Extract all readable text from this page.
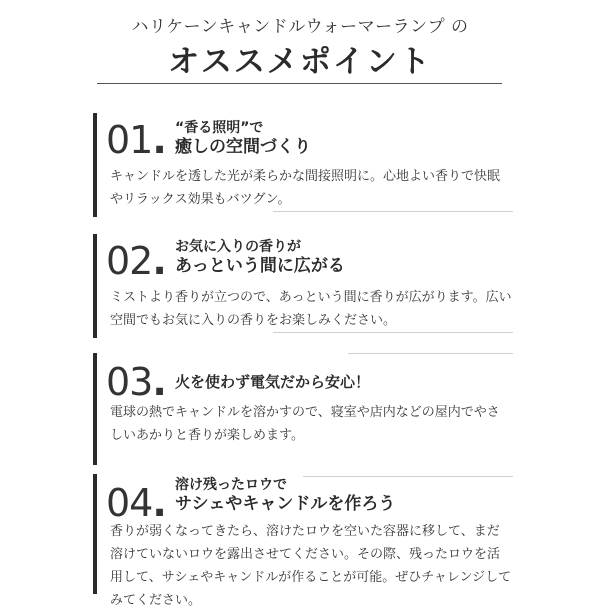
ハリケーンキャンドルウォーマーランプ の
オススメポイント
01. “香る照明”で
癒しの空間づくり
キャンドルを透した光が柔らかな間接照明に。心地よい香りで快眠やリラックス効果もバツグン。
02. お気に入りの香りが
あっという間に広がる
ミストより香りが立つので、あっという間に香りが広がります。広い空間でもお気に入りの香りをお楽しみください。
03. 火を使わず電気だから安心！
電球の熱でキャンドルを溶かすので、寝室や店内などの屋内でやさしいあかりと香りが楽しめます。
04. 溶け残ったロウで
サシェやキャンドルを作ろう
香りが弱くなってきたら、溶けたロウを空いた容器に移して、まだ溶けていないロウを露出させてください。その際、残ったロウを活用して、サシェやキャンドルが作ることが可能。ぜひチャレンジしてみてください。
